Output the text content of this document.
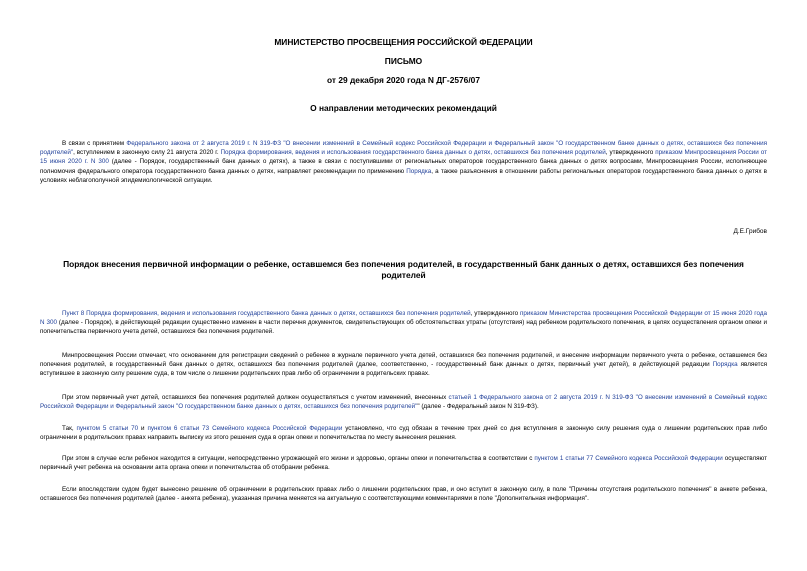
МИНИСТЕРСТВО ПРОСВЕЩЕНИЯ РОССИЙСКОЙ ФЕДЕРАЦИИ
ПИСЬМО
от 29 декабря 2020 года N ДГ-2576/07
О направлении методических рекомендаций
В связи с принятием Федерального закона от 2 августа 2019 г. N 319-ФЗ "О внесении изменений в Семейный кодекс Российской Федерации и Федеральный закон "О государственном банке данных о детях, оставшихся без попечения родителей", вступлением в законную силу 21 августа 2020 г. Порядка формирования, ведения и использования государственного банка данных о детях, оставшихся без попечения родителей, утвержденного приказом Минпросвещения России от 15 июня 2020 г. N 300 (далее - Порядок, государственный банк данных о детях), а также в связи с поступившими от региональных операторов государственного банка данных о детях вопросами, Минпросвещения России, исполняющее полномочия федерального оператора государственного банка данных о детях, направляет рекомендации по применению Порядка, а также разъяснения в отношении работы региональных операторов государственного банка данных о детях в условиях неблагополучной эпидемиологической ситуации.
Д.Е.Грибов
Порядок внесения первичной информации о ребенке, оставшемся без попечения родителей, в государственный банк данных о детях, оставшихся без попечения родителей
Пункт 8 Порядка формирования, ведения и использования государственного банка данных о детях, оставшихся без попечения родителей, утвержденного приказом Министерства просвещения Российской Федерации от 15 июня 2020 года N 300 (далее - Порядок), в действующей редакции существенно изменен в части перечня документов, свидетельствующих об обстоятельствах утраты (отсутствия) над ребенком родительского попечения, в целях осуществления органом опеки и попечительства первичного учета детей, оставшихся без попечения родителей.
Минпросвещения России отмечает, что основанием для регистрации сведений о ребенке в журнале первичного учета детей, оставшихся без попечения родителей, и внесение информации первичного учета о ребенке, оставшемся без попечения родителей, в государственный банк данных о детях, оставшихся без попечения родителей (далее, соответственно, - государственный банк данных о детях, первичный учет детей), в действующей редакции Порядка является вступившее в законную силу решение суда, в том числе о лишении родительских прав либо об ограничении в родительских правах.
При этом первичный учет детей, оставшихся без попечения родителей должен осуществляться с учетом изменений, внесенных статьей 1 Федерального закона от 2 августа 2019 г. N 319-ФЗ "О внесении изменений в Семейный кодекс Российской Федерации и Федеральный закон "О государственном банке данных о детях, оставшихся без попечения родителей"" (далее - Федеральный закон N 319-ФЗ).
Так, пунктом 5 статьи 70 и пунктом 6 статьи 73 Семейного кодекса Российской Федерации установлено, что суд обязан в течение трех дней со дня вступления в законную силу решения суда о лишении родительских прав либо ограничении в родительских правах направить выписку из этого решения суда в орган опеки и попечительства по месту вынесения решения.
При этом в случае если ребенок находится в ситуации, непосредственно угрожающей его жизни и здоровью, органы опеки и попечительства в соответствии с пунктом 1 статьи 77 Семейного кодекса Российской Федерации осуществляют первичный учет ребенка на основании акта органа опеки и попечительства об отобрании ребенка.
Если впоследствии судом будет вынесено решение об ограничении в родительских правах либо о лишении родительских прав, и оно вступит в законную силу, в поле "Причины отсутствия родительского попечения" в анкете ребенка, оставшегося без попечения родителей (далее - анкета ребенка), указанная причина меняется на актуальную с соответствующими комментариями в поле "Дополнительная информация".
